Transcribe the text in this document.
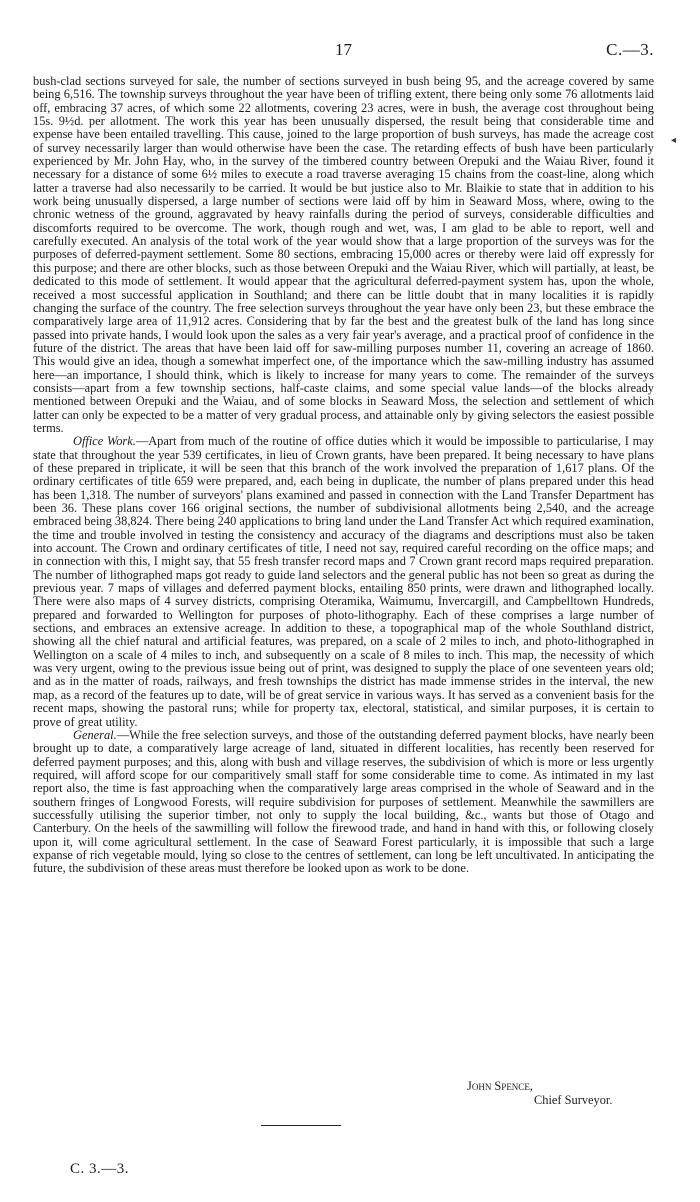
17	C.—3.

bush-clad sections surveyed for sale, the number of sections surveyed in bush being 95, and the acreage covered by same being 6,516. The township surveys throughout the year have been of trifling extent, there being only some 76 allotments laid off, embracing 37 acres, of which some 22 allotments, covering 23 acres, were in bush, the average cost throughout being 15s. 9½d. per allotment. The work this year has been unusually dispersed, the result being that considerable time and expense have been entailed travelling. This cause, joined to the large proportion of bush surveys, has made the acreage cost of survey necessarily larger than would otherwise have been the case. The retarding effects of bush have been particularly experienced by Mr. John Hay, who, in the survey of the timbered country between Orepuki and the Waiau River, found it necessary for a distance of some 6½ miles to execute a road traverse averaging 15 chains from the coast-line, along which latter a traverse had also necessarily to be carried. It would be but justice also to Mr. Blaikie to state that in addition to his work being unusually dispersed, a large number of sections were laid off by him in Seaward Moss, where, owing to the chronic wetness of the ground, aggravated by heavy rainfalls during the period of surveys, considerable difficulties and discomforts required to be overcome. The work, though rough and wet, was, I am glad to be able to report, well and carefully executed. An analysis of the total work of the year would show that a large proportion of the surveys was for the purposes of deferred-payment settlement. Some 80 sections, embracing 15,000 acres or thereby were laid off expressly for this purpose; and there are other blocks, such as those between Orepuki and the Waiau River, which will partially, at least, be dedicated to this mode of settlement. It would appear that the agricultural deferred-payment system has, upon the whole, received a most successful application in Southland; and there can be little doubt that in many localities it is rapidly changing the surface of the country. The free selection surveys throughout the year have only been 23, but these embrace the comparatively large area of 11,912 acres. Considering that by far the best and the greatest bulk of the land has long since passed into private hands, I would look upon the sales as a very fair year's average, and a practical proof of confidence in the future of the district. The areas that have been laid off for saw-milling purposes number 11, covering an acreage of 1860. This would give an idea, though a somewhat imperfect one, of the importance which the saw-milling industry has assumed here—an importance, I should think, which is likely to increase for many years to come. The remainder of the surveys consists—apart from a few township sections, half-caste claims, and some special value lands—of the blocks already mentioned between Orepuki and the Waiau, and of some blocks in Seaward Moss, the selection and settlement of which latter can only be expected to be a matter of very gradual process, and attainable only by giving selectors the easiest possible terms.

Office Work.—Apart from much of the routine of office duties which it would be impossible to particularise, I may state that throughout the year 539 certificates, in lieu of Crown grants, have been prepared. It being necessary to have plans of these prepared in triplicate, it will be seen that this branch of the work involved the preparation of 1,617 plans. Of the ordinary certificates of title 659 were prepared, and, each being in duplicate, the number of plans prepared under this head has been 1,318. The number of surveyors' plans examined and passed in connection with the Land Transfer Department has been 36. These plans cover 166 original sections, the number of subdivisional allotments being 2,540, and the acreage embraced being 38,824. There being 240 applications to bring land under the Land Transfer Act which required examination, the time and trouble involved in testing the consistency and accuracy of the diagrams and descriptions must also be taken into account. The Crown and ordinary certificates of title, I need not say, required careful recording on the office maps; and in connection with this, I might say, that 55 fresh transfer record maps and 7 Crown grant record maps required preparation. The number of lithographed maps got ready to guide land selectors and the general public has not been so great as during the previous year. 7 maps of villages and deferred payment blocks, entailing 850 prints, were drawn and lithographed locally. There were also maps of 4 survey districts, comprising Oteramika, Waimumu, Invercargill, and Campbelltown Hundreds, prepared and forwarded to Wellington for purposes of photo-lithography. Each of these comprises a large number of sections, and embraces an extensive acreage. In addition to these, a topographical map of the whole Southland district, showing all the chief natural and artificial features, was prepared, on a scale of 2 miles to inch, and photo-lithographed in Wellington on a scale of 4 miles to inch, and subsequently on a scale of 8 miles to inch. This map, the necessity of which was very urgent, owing to the previous issue being out of print, was designed to supply the place of one seventeen years old; and as in the matter of roads, railways, and fresh townships the district has made immense strides in the interval, the new map, as a record of the features up to date, will be of great service in various ways. It has served as a convenient basis for the recent maps, showing the pastoral runs; while for property tax, electoral, statistical, and similar purposes, it is certain to prove of great utility.

General.—While the free selection surveys, and those of the outstanding deferred payment blocks, have nearly been brought up to date, a comparatively large acreage of land, situated in different localities, has recently been reserved for deferred payment purposes; and this, along with bush and village reserves, the subdivision of which is more or less urgently required, will afford scope for our comparitively small staff for some considerable time to come. As intimated in my last report also, the time is fast approaching when the comparatively large areas comprised in the whole of Seaward and in the southern fringes of Longwood Forests, will require subdivision for purposes of settlement. Meanwhile the sawmillers are successfully utilising the superior timber, not only to supply the local building, &c., wants but those of Otago and Canterbury. On the heels of the sawmilling will follow the firewood trade, and hand in hand with this, or following closely upon it, will come agricultural settlement. In the case of Seaward Forest particularly, it is impossible that such a large expanse of rich vegetable mould, lying so close to the centres of settlement, can long be left uncultivated. In anticipating the future, the subdivision of these areas must therefore be looked upon as work to be done.

John Spence,
Chief Surveyor.
C. 3.—3.
◂
